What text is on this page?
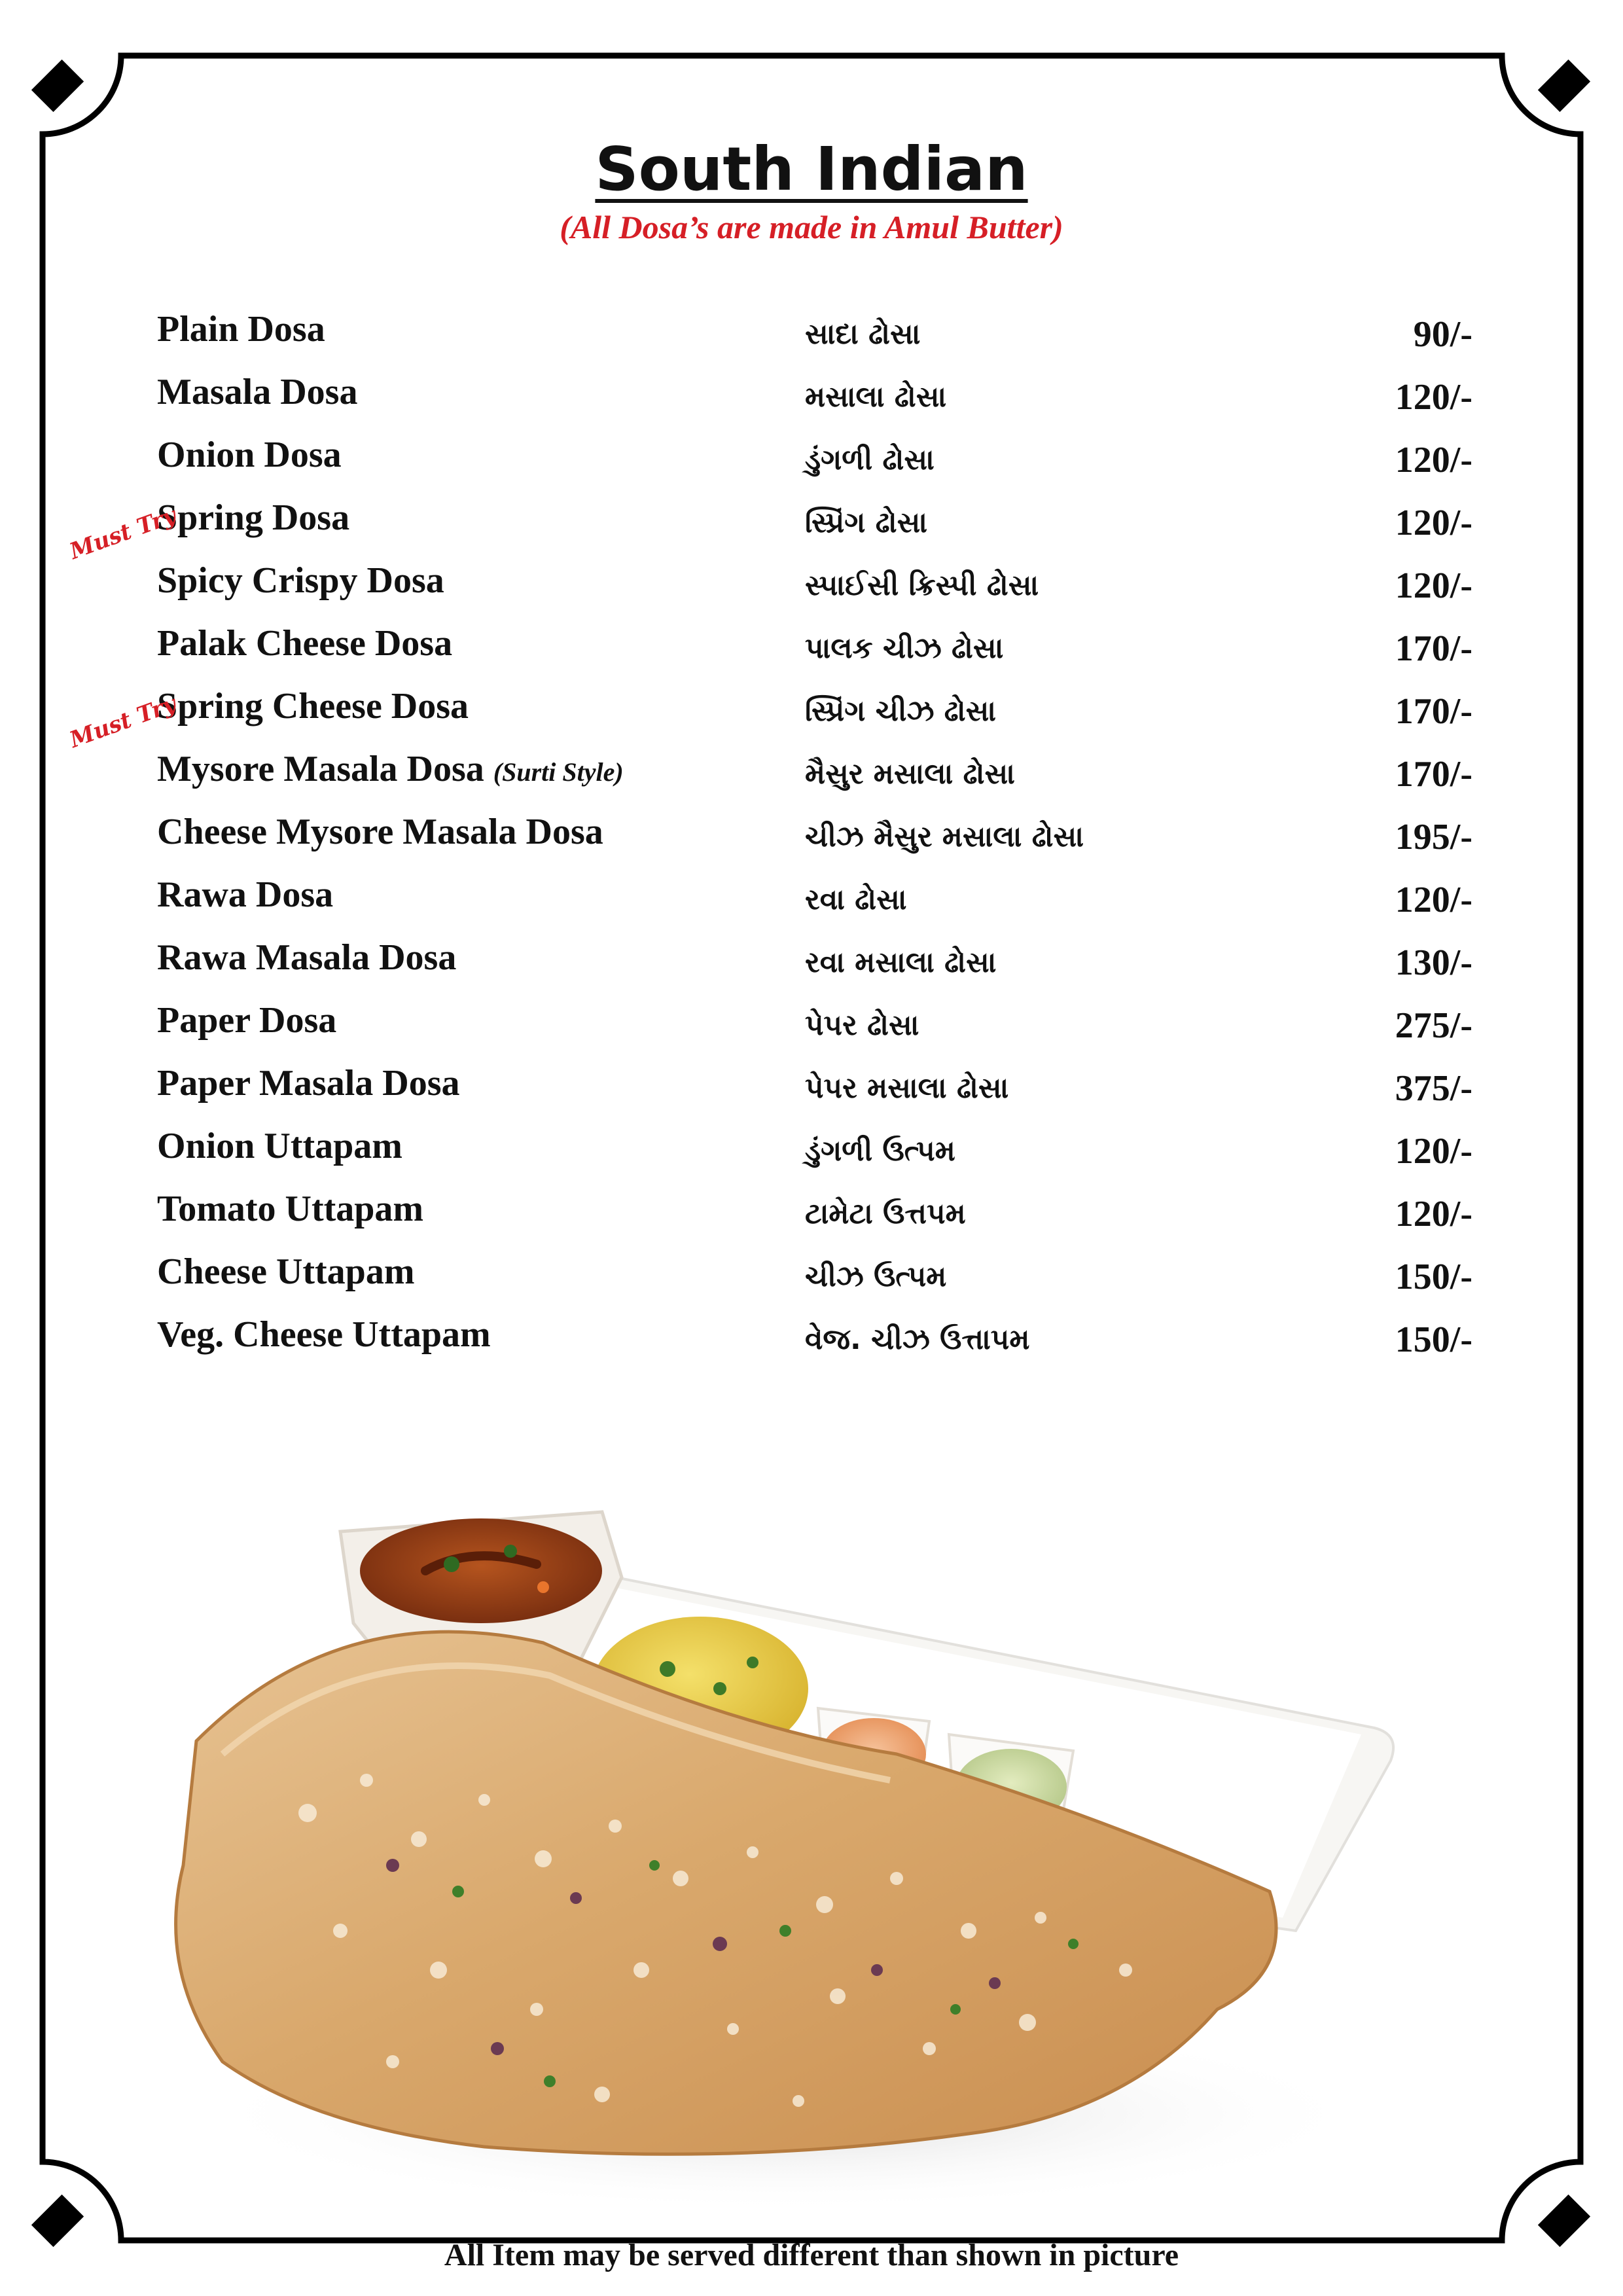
South Indian
(All Dosa’s are made in Amul Butter)
Plain Dosa	સાદા ઢોસા	90/-
Masala Dosa	મસાલા ઢોસા	120/-
Onion Dosa	ડુંગળી ઢોસા	120/-
Spring Dosa	સ્પ્રિંગ ઢોસા	120/-
Must Try
Spicy Crispy Dosa	સ્પાઈસી ક્રિસ્પી ઢોસા	120/-
Palak Cheese Dosa	પાલક ચીઝ ઢોસા	170/-
Spring Cheese Dosa	સ્પ્રિંગ ચીઝ ઢોસા	170/-
Must Try
Mysore Masala Dosa (Surti Style)	મૈસુર મસાલા ઢોસા	170/-
Cheese Mysore Masala Dosa	ચીઝ મૈસુર મસાલા ઢોસા	195/-
Rawa Dosa	રવા ઢોસા	120/-
Rawa Masala Dosa	રવા મસાલા ઢોસા	130/-
Paper Dosa	પેપર ઢોસા	275/-
Paper Masala Dosa	પેપર મસાલા ઢોસા	375/-
Onion Uttapam	ડુંગળી ઉત્પમ	120/-
Tomato Uttapam	ટામેટા ઉત્તપમ	120/-
Cheese Uttapam	ચીઝ ઉત્પમ	150/-
Veg. Cheese Uttapam	વેજ. ચીઝ ઉત્તાપમ	150/-
All Item may be served different than shown in picture
